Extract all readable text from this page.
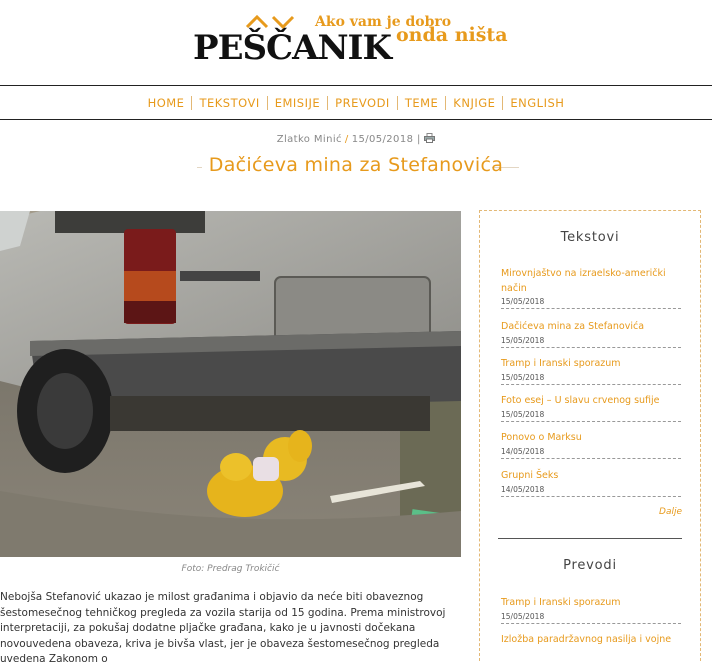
PEŠČANIK
Ako vam je dobro
onda ništa
HOME	TEKSTOVI	EMISIJE	PREVODI	TEME	KNJIGE	ENGLISH
Zlatko Minić / 15/05/2018 |
Dačićeva mina za Stefanovića
Foto: Predrag Trokičić
Nebojša Stefanović ukazao je milost građanima i objavio da neće biti obaveznog šestomesečnog tehničkog pregleda za vozila starija od 15 godina. Prema ministrovoj interpretaciji, za pokušaj dodatne pljačke građana, kako je u javnosti dočekana novouvedena obaveza, kriva je bivša vlast, jer je obaveza šestomesečnog pregleda uvedena Zakonom o
Tekstovi
Mirovnjaštvo na izraelsko-američki način
15/05/2018
Dačićeva mina za Stefanovića
15/05/2018
Tramp i Iranski sporazum
15/05/2018
Foto esej – U slavu crvenog sufije
15/05/2018
Ponovo o Marksu
14/05/2018
Grupni Šeks
14/05/2018
Dalje
Prevodi
Tramp i Iranski sporazum
15/05/2018
Izložba paradržavnog nasilja i vojne
